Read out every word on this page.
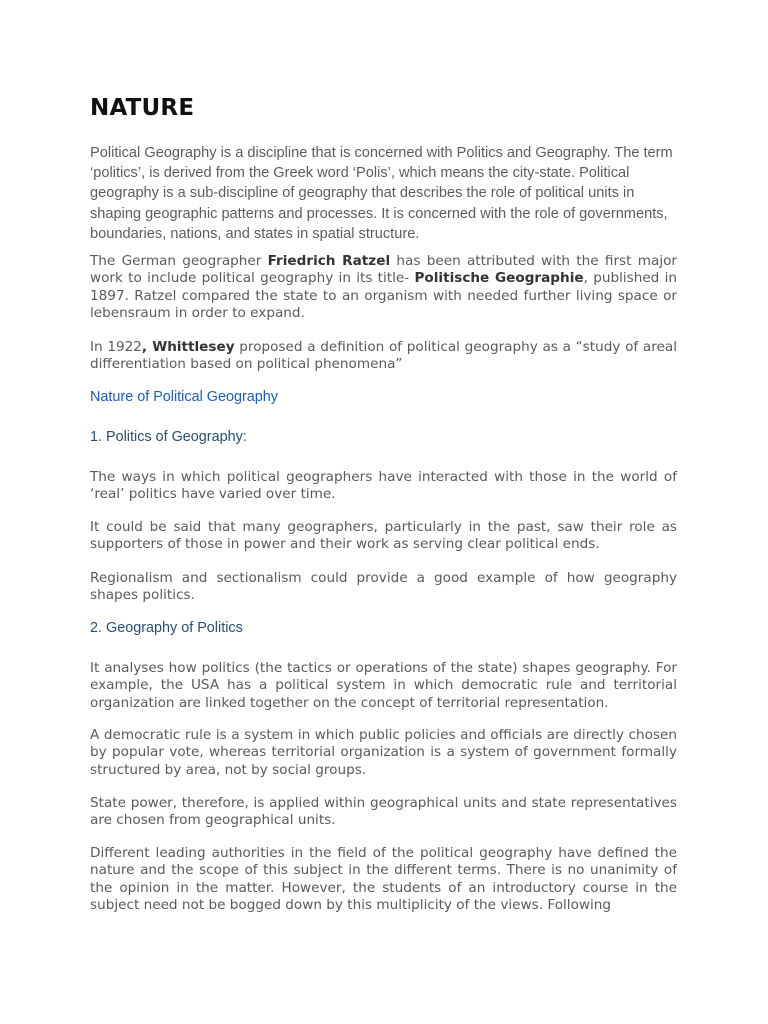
NATURE

Political Geography is a discipline that is concerned with Politics and Geography. The term ‘politics’, is derived from the Greek word ‘Polis’, which means the city-state. Political geography is a sub-discipline of geography that describes the role of political units in shaping geographic patterns and processes. It is concerned with the role of governments, boundaries, nations, and states in spatial structure.

The German geographer Friedrich Ratzel has been attributed with the first major work to include political geography in its title- Politische Geographie, published in 1897. Ratzel compared the state to an organism with needed further living space or lebensraum in order to expand.

In 1922, Whittlesey proposed a definition of political geography as a “study of areal differentiation based on political phenomena”

Nature of Political Geography
1. Politics of Geography:

The ways in which political geographers have interacted with those in the world of ‘real’ politics have varied over time.

It could be said that many geographers, particularly in the past, saw their role as supporters of those in power and their work as serving clear political ends.

Regionalism and sectionalism could provide a good example of how geography shapes politics.

2. Geography of Politics

It analyses how politics (the tactics or operations of the state) shapes geography. For example, the USA has a political system in which democratic rule and territorial organization are linked together on the concept of territorial representation.

A democratic rule is a system in which public policies and officials are directly chosen by popular vote, whereas territorial organization is a system of government formally structured by area, not by social groups.

State power, therefore, is applied within geographical units and state representatives are chosen from geographical units.

Different leading authorities in the field of the political geography have defined the nature and the scope of this subject in the different terms. There is no unanimity of the opinion in the matter. However, the students of an introductory course in the subject need not be bogged down by this multiplicity of the views. Following
